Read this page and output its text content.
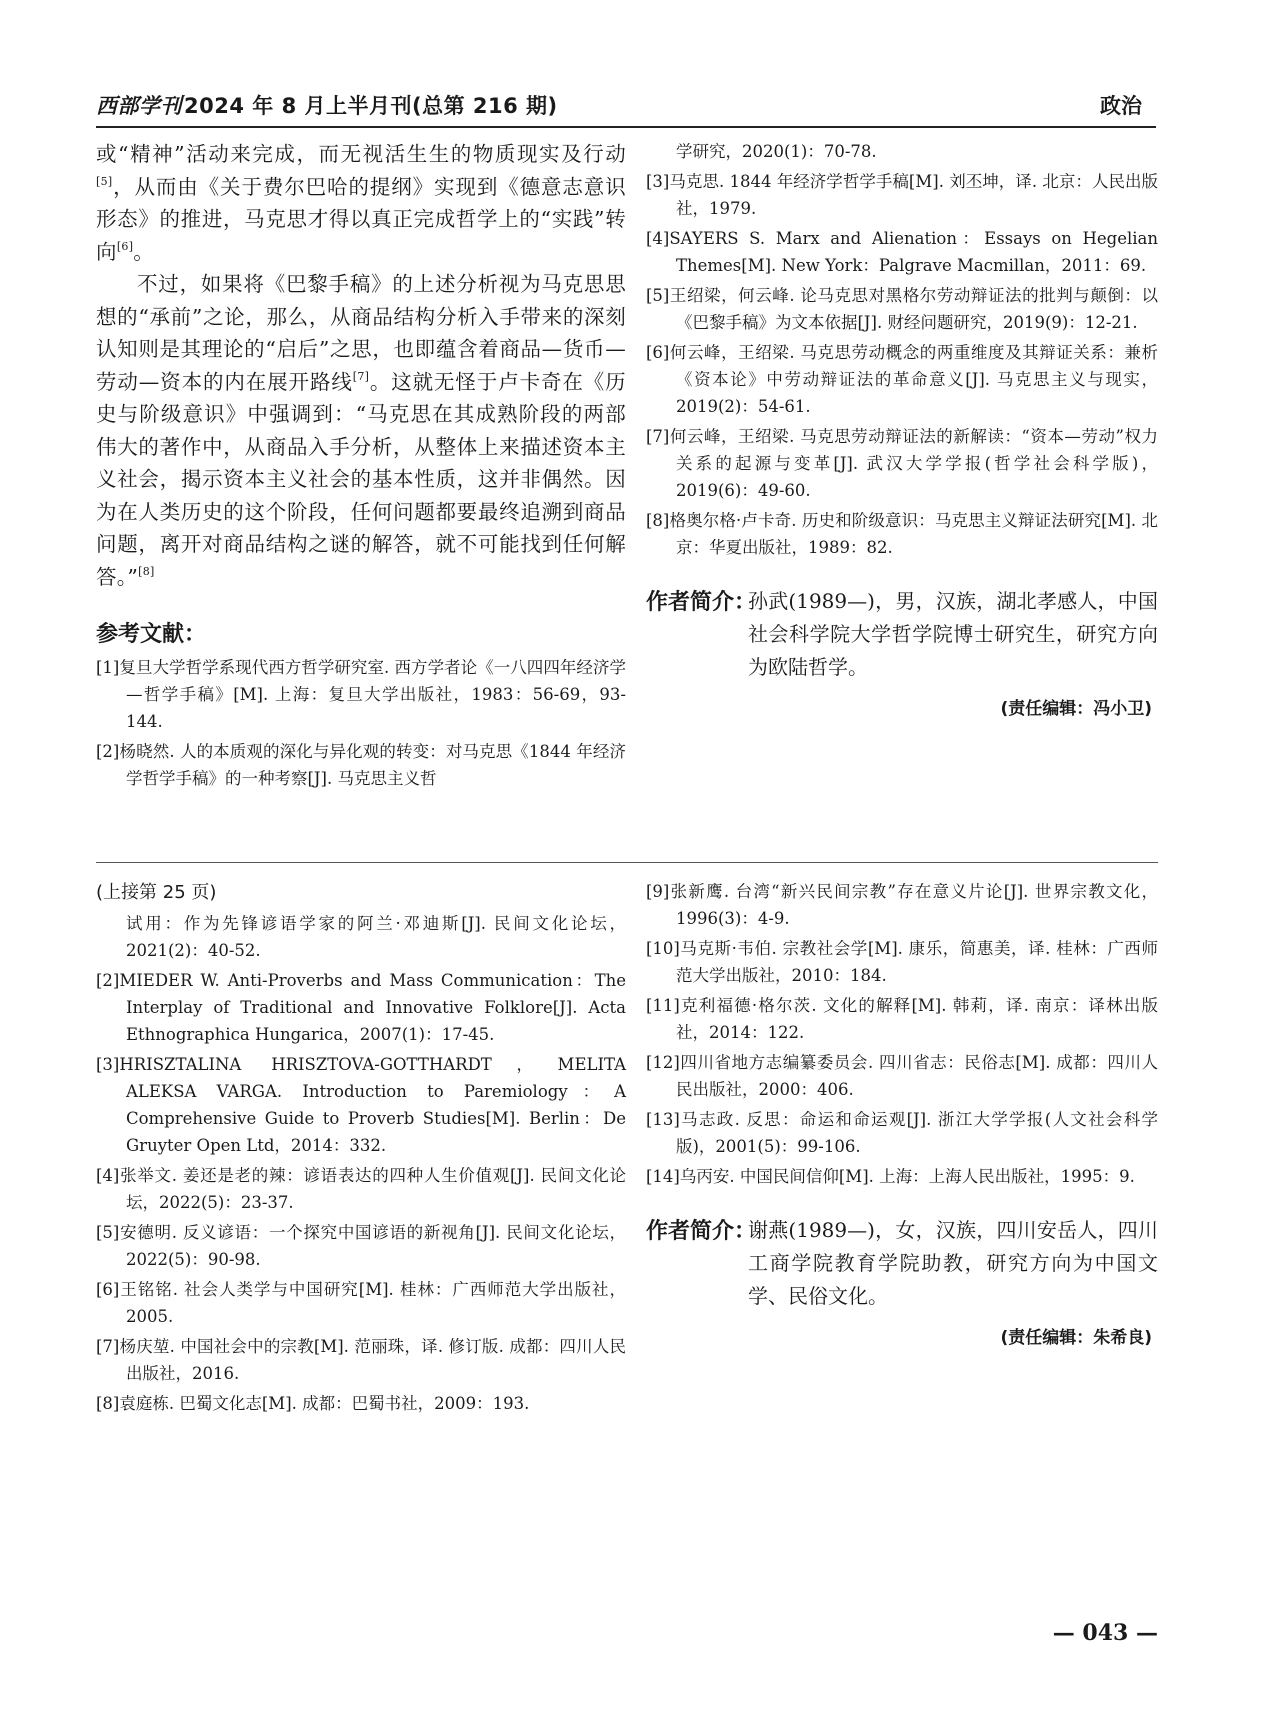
西部学刊2024 年 8 月上半月刊(总第 216 期)	政治

或“精神”活动来完成，而无视活生生的物质现实及行动[5]，从而由《关于费尔巴哈的提纲》实现到《德意志意识形态》的推进，马克思才得以真正完成哲学上的“实践”转向[6]。

不过，如果将《巴黎手稿》的上述分析视为马克思思想的“承前”之论，那么，从商品结构分析入手带来的深刻认知则是其理论的“启后”之思，也即蕴含着商品—货币—劳动—资本的内在展开路线[7]。这就无怪于卢卡奇在《历史与阶级意识》中强调到：“马克思在其成熟阶段的两部伟大的著作中，从商品入手分析，从整体上来描述资本主义社会，揭示资本主义社会的基本性质，这并非偶然。因为在人类历史的这个阶段，任何问题都要最终追溯到商品问题，离开对商品结构之谜的解答，就不可能找到任何解答。”[8]

参考文献：
[1]复旦大学哲学系现代西方哲学研究室. 西方学者论《一八四四年经济学—哲学手稿》[M]. 上海：复旦大学出版社，1983：56-69，93-144.
[2]杨晓然. 人的本质观的深化与异化观的转变：对马克思《1844 年经济学哲学手稿》的一种考察[J]. 马克思主义哲
学研究，2020(1)：70-78.
[3]马克思. 1844 年经济学哲学手稿[M]. 刘丕坤，译. 北京：人民出版社，1979.
[4]SAYERS S. Marx and Alienation：Essays on Hegelian Themes[M]. New York：Palgrave Macmillan，2011：69.
[5]王绍梁，何云峰. 论马克思对黑格尔劳动辩证法的批判与颠倒：以《巴黎手稿》为文本依据[J]. 财经问题研究，2019(9)：12-21.
[6]何云峰，王绍梁. 马克思劳动概念的两重维度及其辩证关系：兼析《资本论》中劳动辩证法的革命意义[J]. 马克思主义与现实，2019(2)：54-61.
[7]何云峰，王绍梁. 马克思劳动辩证法的新解读：“资本—劳动”权力关系的起源与变革[J]. 武汉大学学报(哲学社会科学版)，2019(6)：49-60.
[8]格奥尔格·卢卡奇. 历史和阶级意识：马克思主义辩证法研究[M]. 北京：华夏出版社，1989：82.
作者简介：

孙武(1989—)，男，汉族，湖北孝感人，中国社会科学院大学哲学院博士研究生，研究方向为欧陆哲学。

(责任编辑：冯小卫)
(上接第 25 页)
试用：作为先锋谚语学家的阿兰·邓迪斯[J]. 民间文化论坛，2021(2)：40-52.
[2]MIEDER W. Anti-Proverbs and Mass Communication：The Interplay of Traditional and Innovative Folklore[J]. Acta Ethnographica Hungarica，2007(1)：17-45.
[3]HRISZTALINA HRISZTOVA-GOTTHARDT，MELITA ALEKSA VARGA. Introduction to Paremiology：A Comprehensive Guide to Proverb Studies[M]. Berlin：De Gruyter Open Ltd，2014：332.
[4]张举文. 姜还是老的辣：谚语表达的四种人生价值观[J]. 民间文化论坛，2022(5)：23-37.
[5]安德明. 反义谚语：一个探究中国谚语的新视角[J]. 民间文化论坛，2022(5)：90-98.
[6]王铭铭. 社会人类学与中国研究[M]. 桂林：广西师范大学出版社，2005.
[7]杨庆堃. 中国社会中的宗教[M]. 范丽珠，译. 修订版. 成都：四川人民出版社，2016.
[8]袁庭栋. 巴蜀文化志[M]. 成都：巴蜀书社，2009：193.
[9]张新鹰. 台湾“新兴民间宗教”存在意义片论[J]. 世界宗教文化，1996(3)：4-9.
[10]马克斯·韦伯. 宗教社会学[M]. 康乐，简惠美，译. 桂林：广西师范大学出版社，2010：184.
[11]克利福德·格尔茨. 文化的解释[M]. 韩莉，译. 南京：译林出版社，2014：122.
[12]四川省地方志编纂委员会. 四川省志：民俗志[M]. 成都：四川人民出版社，2000：406.
[13]马志政. 反思：命运和命运观[J]. 浙江大学学报(人文社会科学版)，2001(5)：99-106.
[14]乌丙安. 中国民间信仰[M]. 上海：上海人民出版社，1995：9.
作者简介：

谢燕(1989—)，女，汉族，四川安岳人，四川工商学院教育学院助教，研究方向为中国文学、民俗文化。

(责任编辑：朱希良)
— 043 —
